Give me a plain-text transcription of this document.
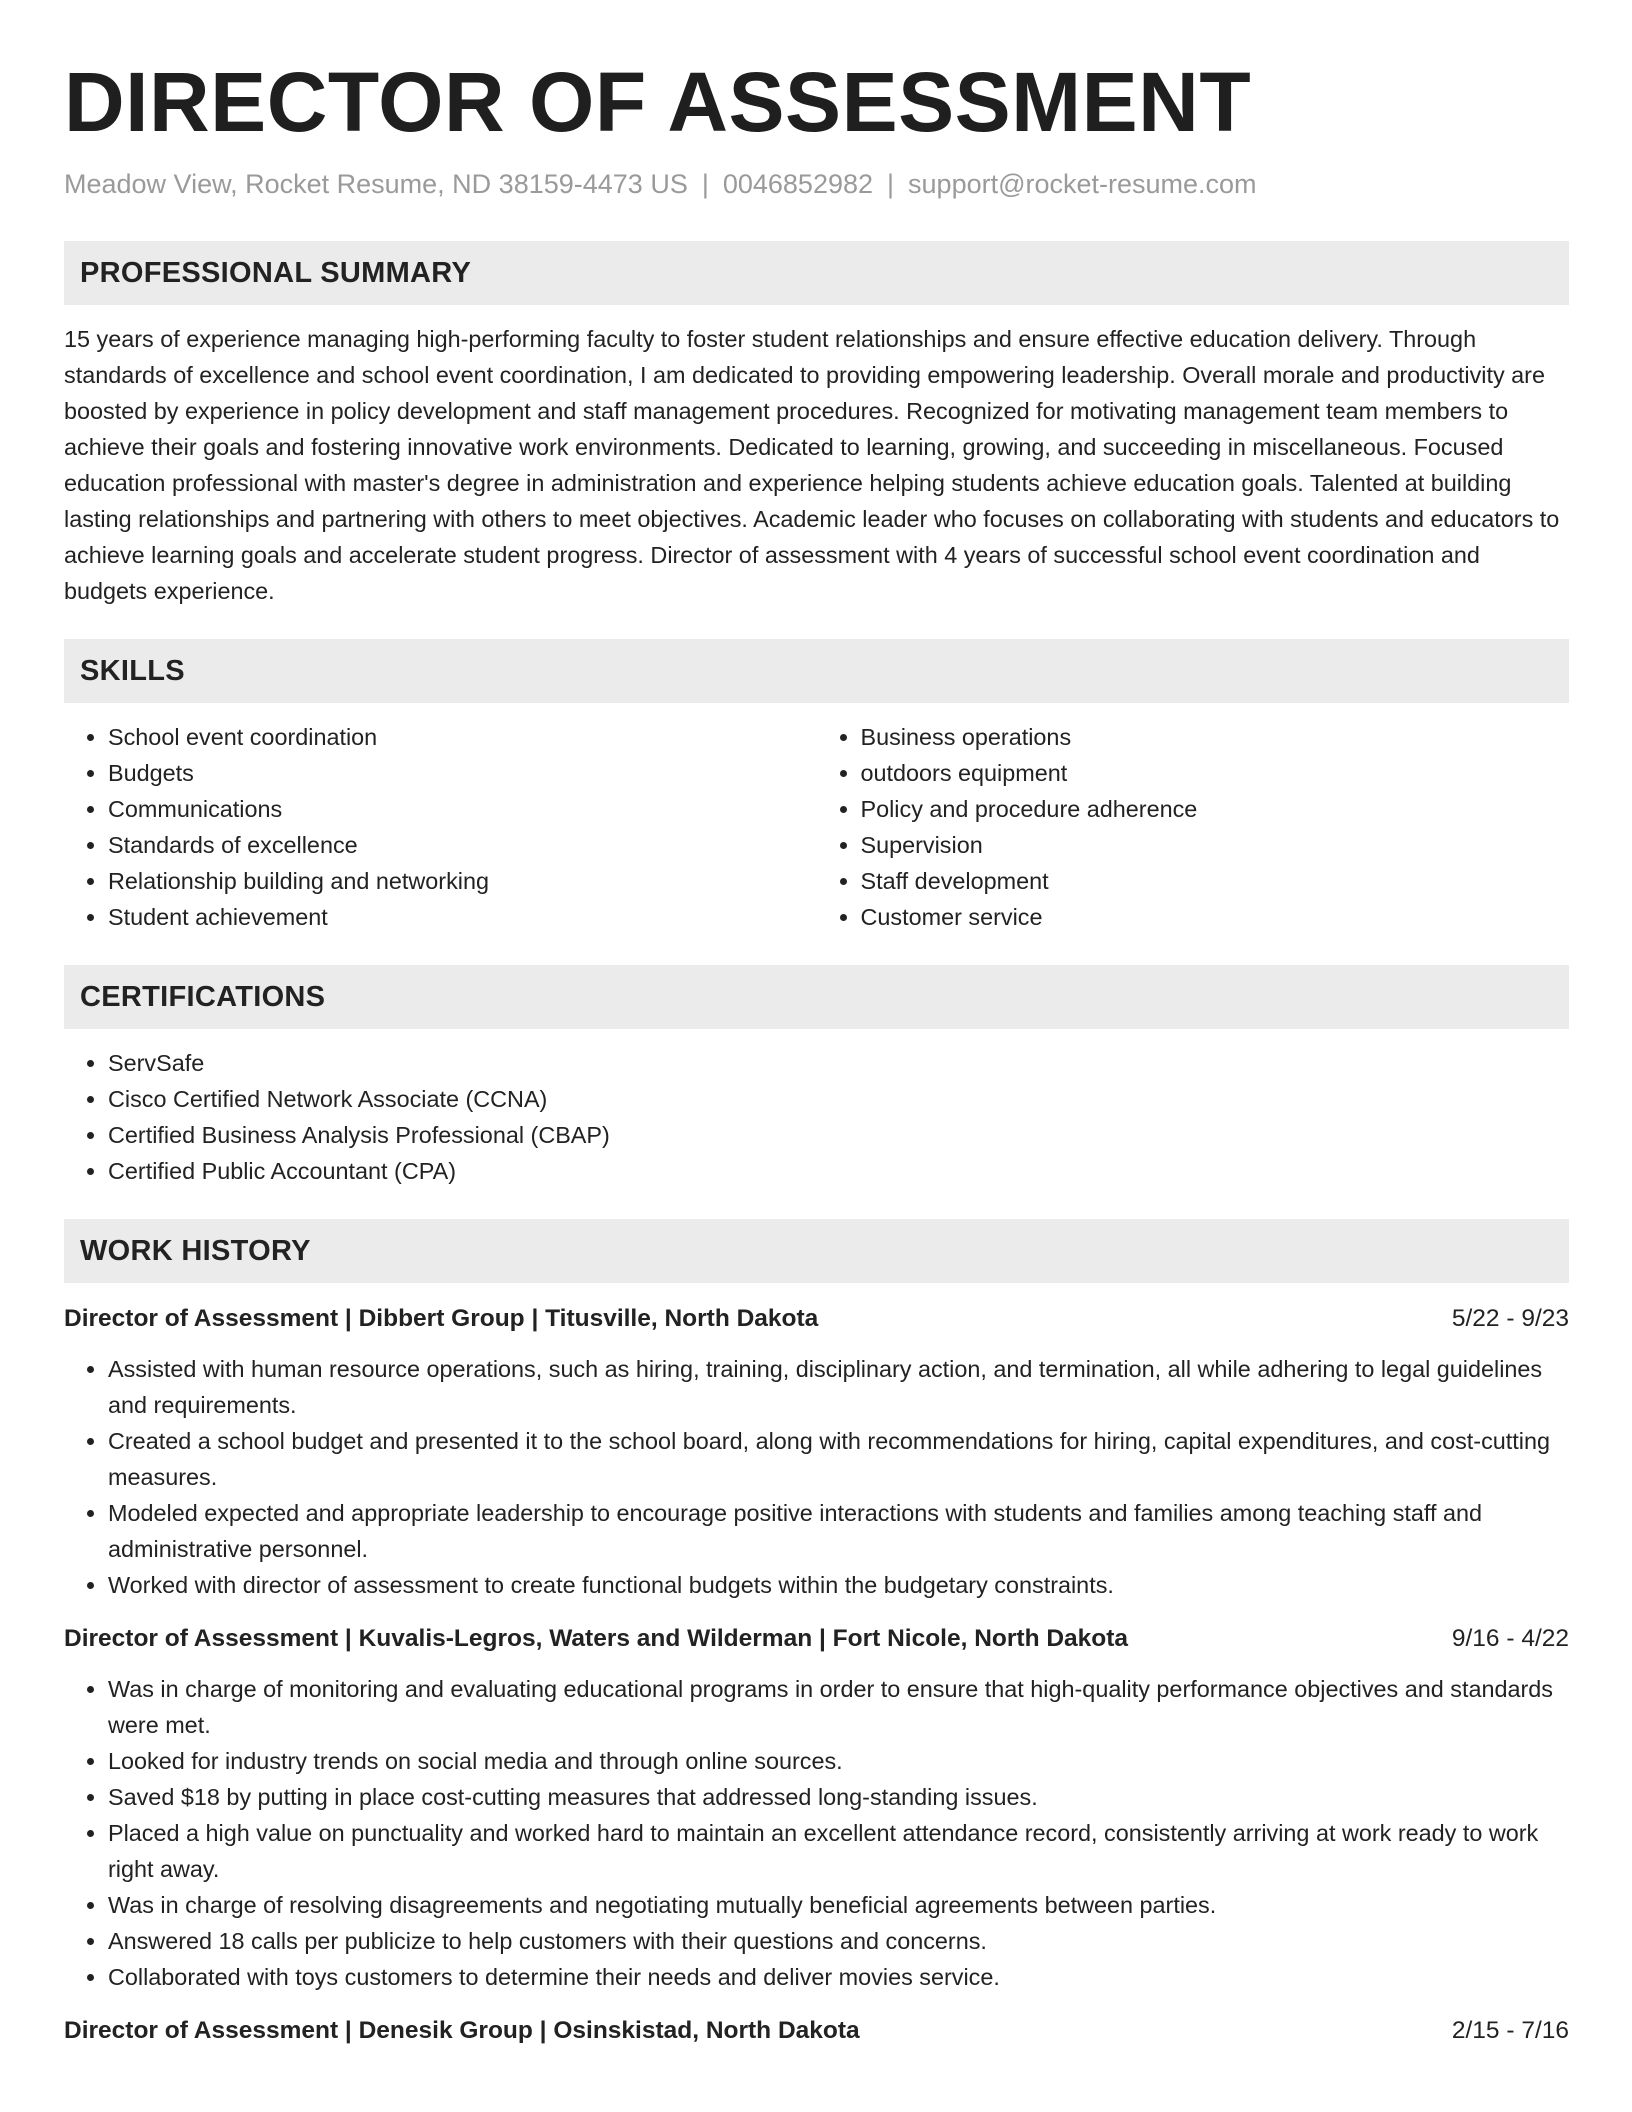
DIRECTOR OF ASSESSMENT
Meadow View, Rocket Resume, ND 38159-4473 US | 0046852982 | support@rocket-resume.com
PROFESSIONAL SUMMARY

15 years of experience managing high-performing faculty to foster student relationships and ensure effective education delivery. Through standards of excellence and school event coordination, I am dedicated to providing empowering leadership. Overall morale and productivity are boosted by experience in policy development and staff management procedures. Recognized for motivating management team members to achieve their goals and fostering innovative work environments. Dedicated to learning, growing, and succeeding in miscellaneous. Focused education professional with master's degree in administration and experience helping students achieve education goals. Talented at building lasting relationships and partnering with others to meet objectives. Academic leader who focuses on collaborating with students and educators to achieve learning goals and accelerate student progress. Director of assessment with 4 years of successful school event coordination and budgets experience.

SKILLS
• School event coordination
• Budgets
• Communications
• Standards of excellence
• Relationship building and networking
• Student achievement
• Business operations
• outdoors equipment
• Policy and procedure adherence
• Supervision
• Staff development
• Customer service
CERTIFICATIONS
• ServSafe
• Cisco Certified Network Associate (CCNA)
• Certified Business Analysis Professional (CBAP)
• Certified Public Accountant (CPA)
WORK HISTORY
Director of Assessment | Dibbert Group | Titusville, North Dakota	5/22 - 9/23
• Assisted with human resource operations, such as hiring, training, disciplinary action, and termination, all while adhering to legal guidelines and requirements.
• Created a school budget and presented it to the school board, along with recommendations for hiring, capital expenditures, and cost-cutting measures.
• Modeled expected and appropriate leadership to encourage positive interactions with students and families among teaching staff and administrative personnel.
• Worked with director of assessment to create functional budgets within the budgetary constraints.
Director of Assessment | Kuvalis-Legros, Waters and Wilderman | Fort Nicole, North Dakota	9/16 - 4/22
• Was in charge of monitoring and evaluating educational programs in order to ensure that high-quality performance objectives and standards were met.
• Looked for industry trends on social media and through online sources.
• Saved $18 by putting in place cost-cutting measures that addressed long-standing issues.
• Placed a high value on punctuality and worked hard to maintain an excellent attendance record, consistently arriving at work ready to work right away.
• Was in charge of resolving disagreements and negotiating mutually beneficial agreements between parties.
• Answered 18 calls per publicize to help customers with their questions and concerns.
• Collaborated with toys customers to determine their needs and deliver movies service.
Director of Assessment | Denesik Group | Osinskistad, North Dakota	2/15 - 7/16
